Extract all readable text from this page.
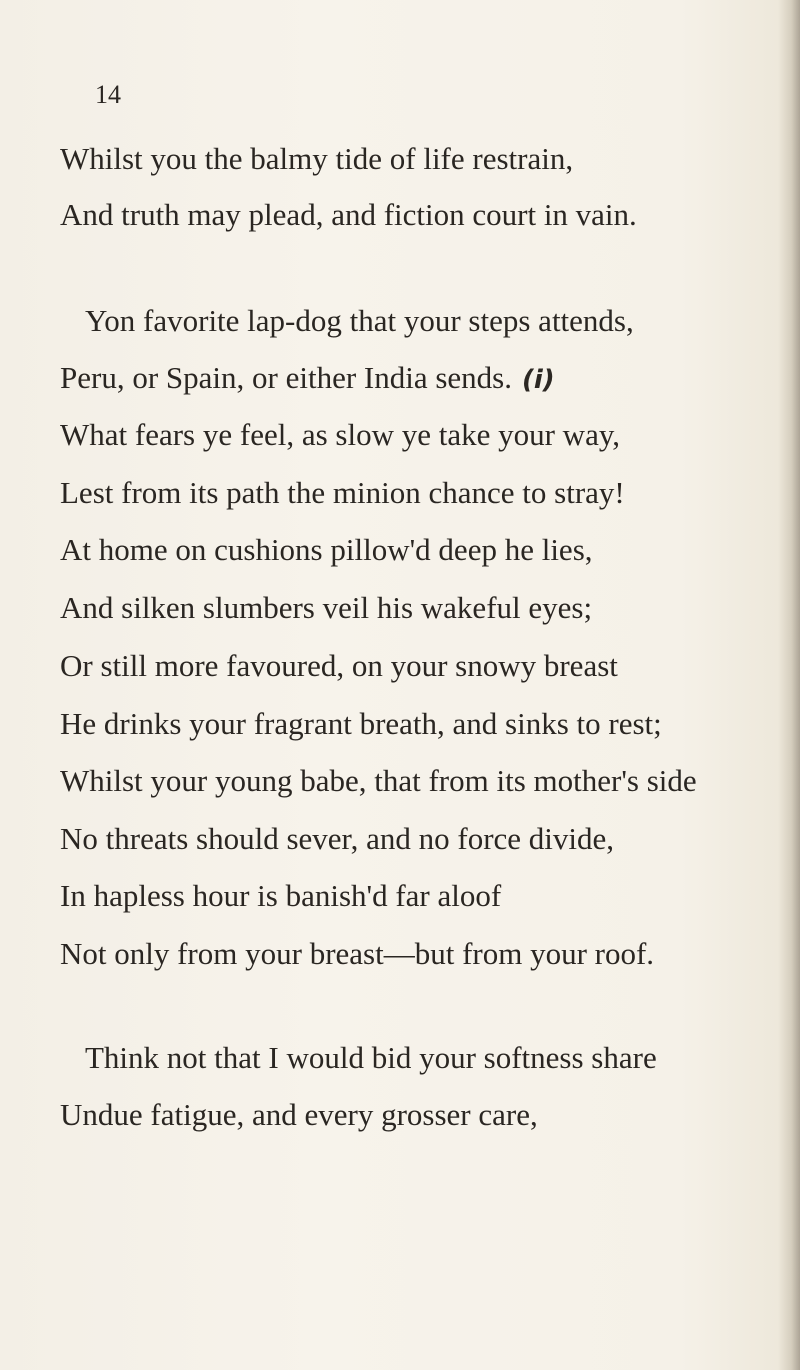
14
Whilst you the balmy tide of life restrain,
And truth may plead, and fiction court in vain.
Yon favorite lap-dog that your steps attends,
Peru, or Spain, or either India sends. (i)
What fears ye feel, as slow ye take your way,
Lest from its path the minion chance to stray!
At home on cushions pillow'd deep he lies,
And silken slumbers veil his wakeful eyes;
Or still more favoured, on your snowy breast
He drinks your fragrant breath, and sinks to rest;
Whilst your young babe, that from its mother's side
No threats should sever, and no force divide,
In hapless hour is banish'd far aloof
Not only from your breast—but from your roof.
Think not that I would bid your softness share
Undue fatigue, and every grosser care,
